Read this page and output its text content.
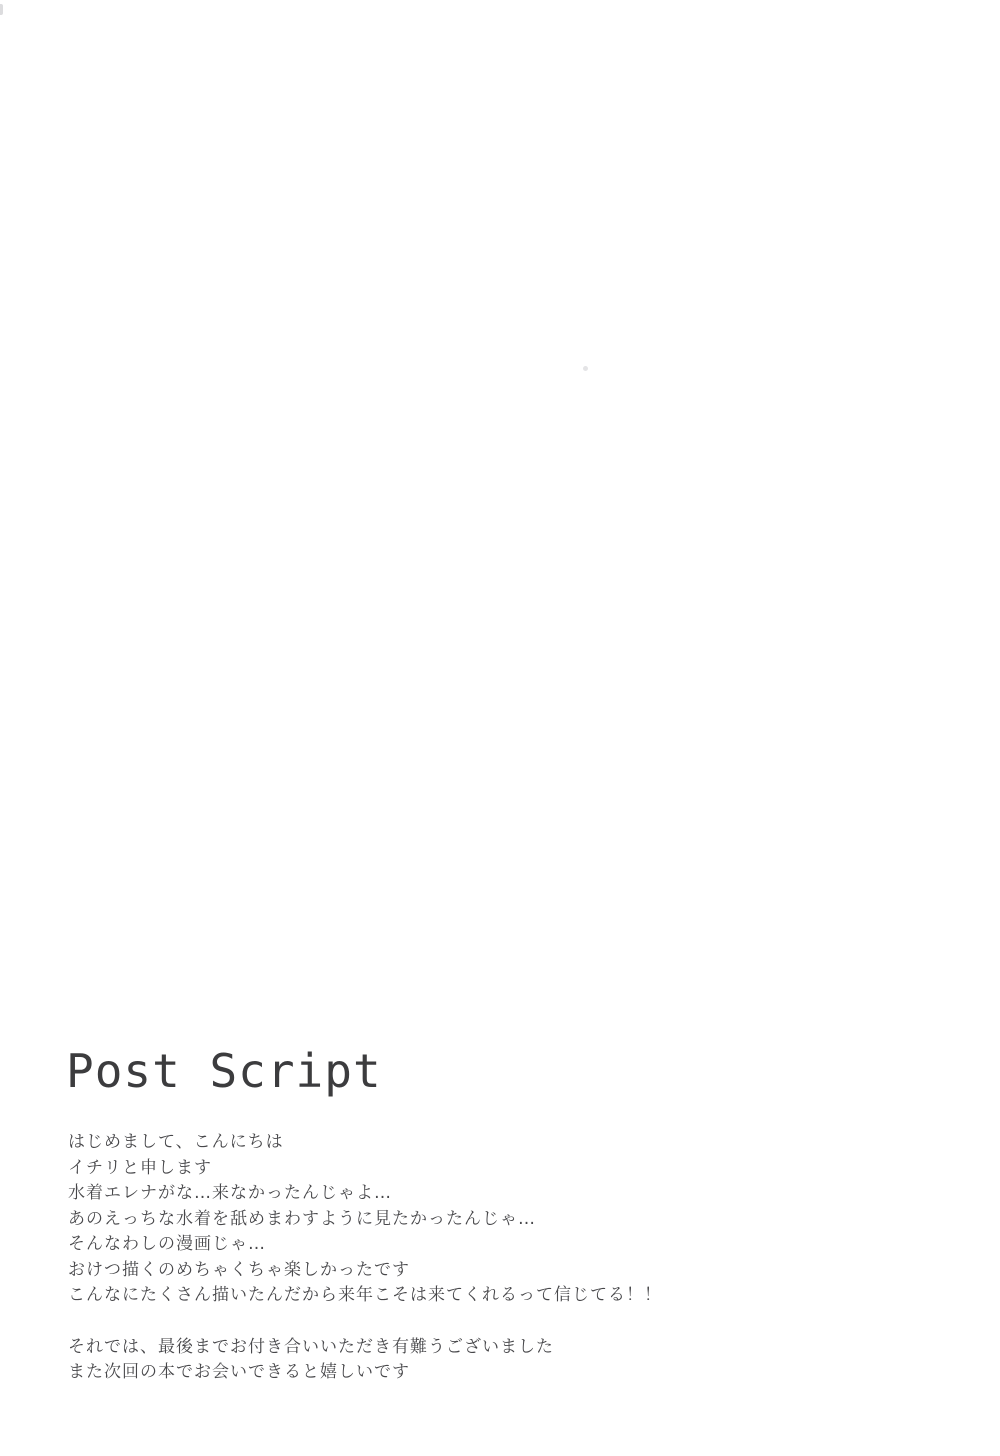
Post Script
はじめまして、こんにちは
イチリと申します
水着エレナがな…来なかったんじゃよ…
あのえっちな水着を舐めまわすように見たかったんじゃ…
そんなわしの漫画じゃ…
おけつ描くのめちゃくちゃ楽しかったです
こんなにたくさん描いたんだから来年こそは来てくれるって信じてる！！
それでは、最後までお付き合いいただき有難うございました
また次回の本でお会いできると嬉しいです
